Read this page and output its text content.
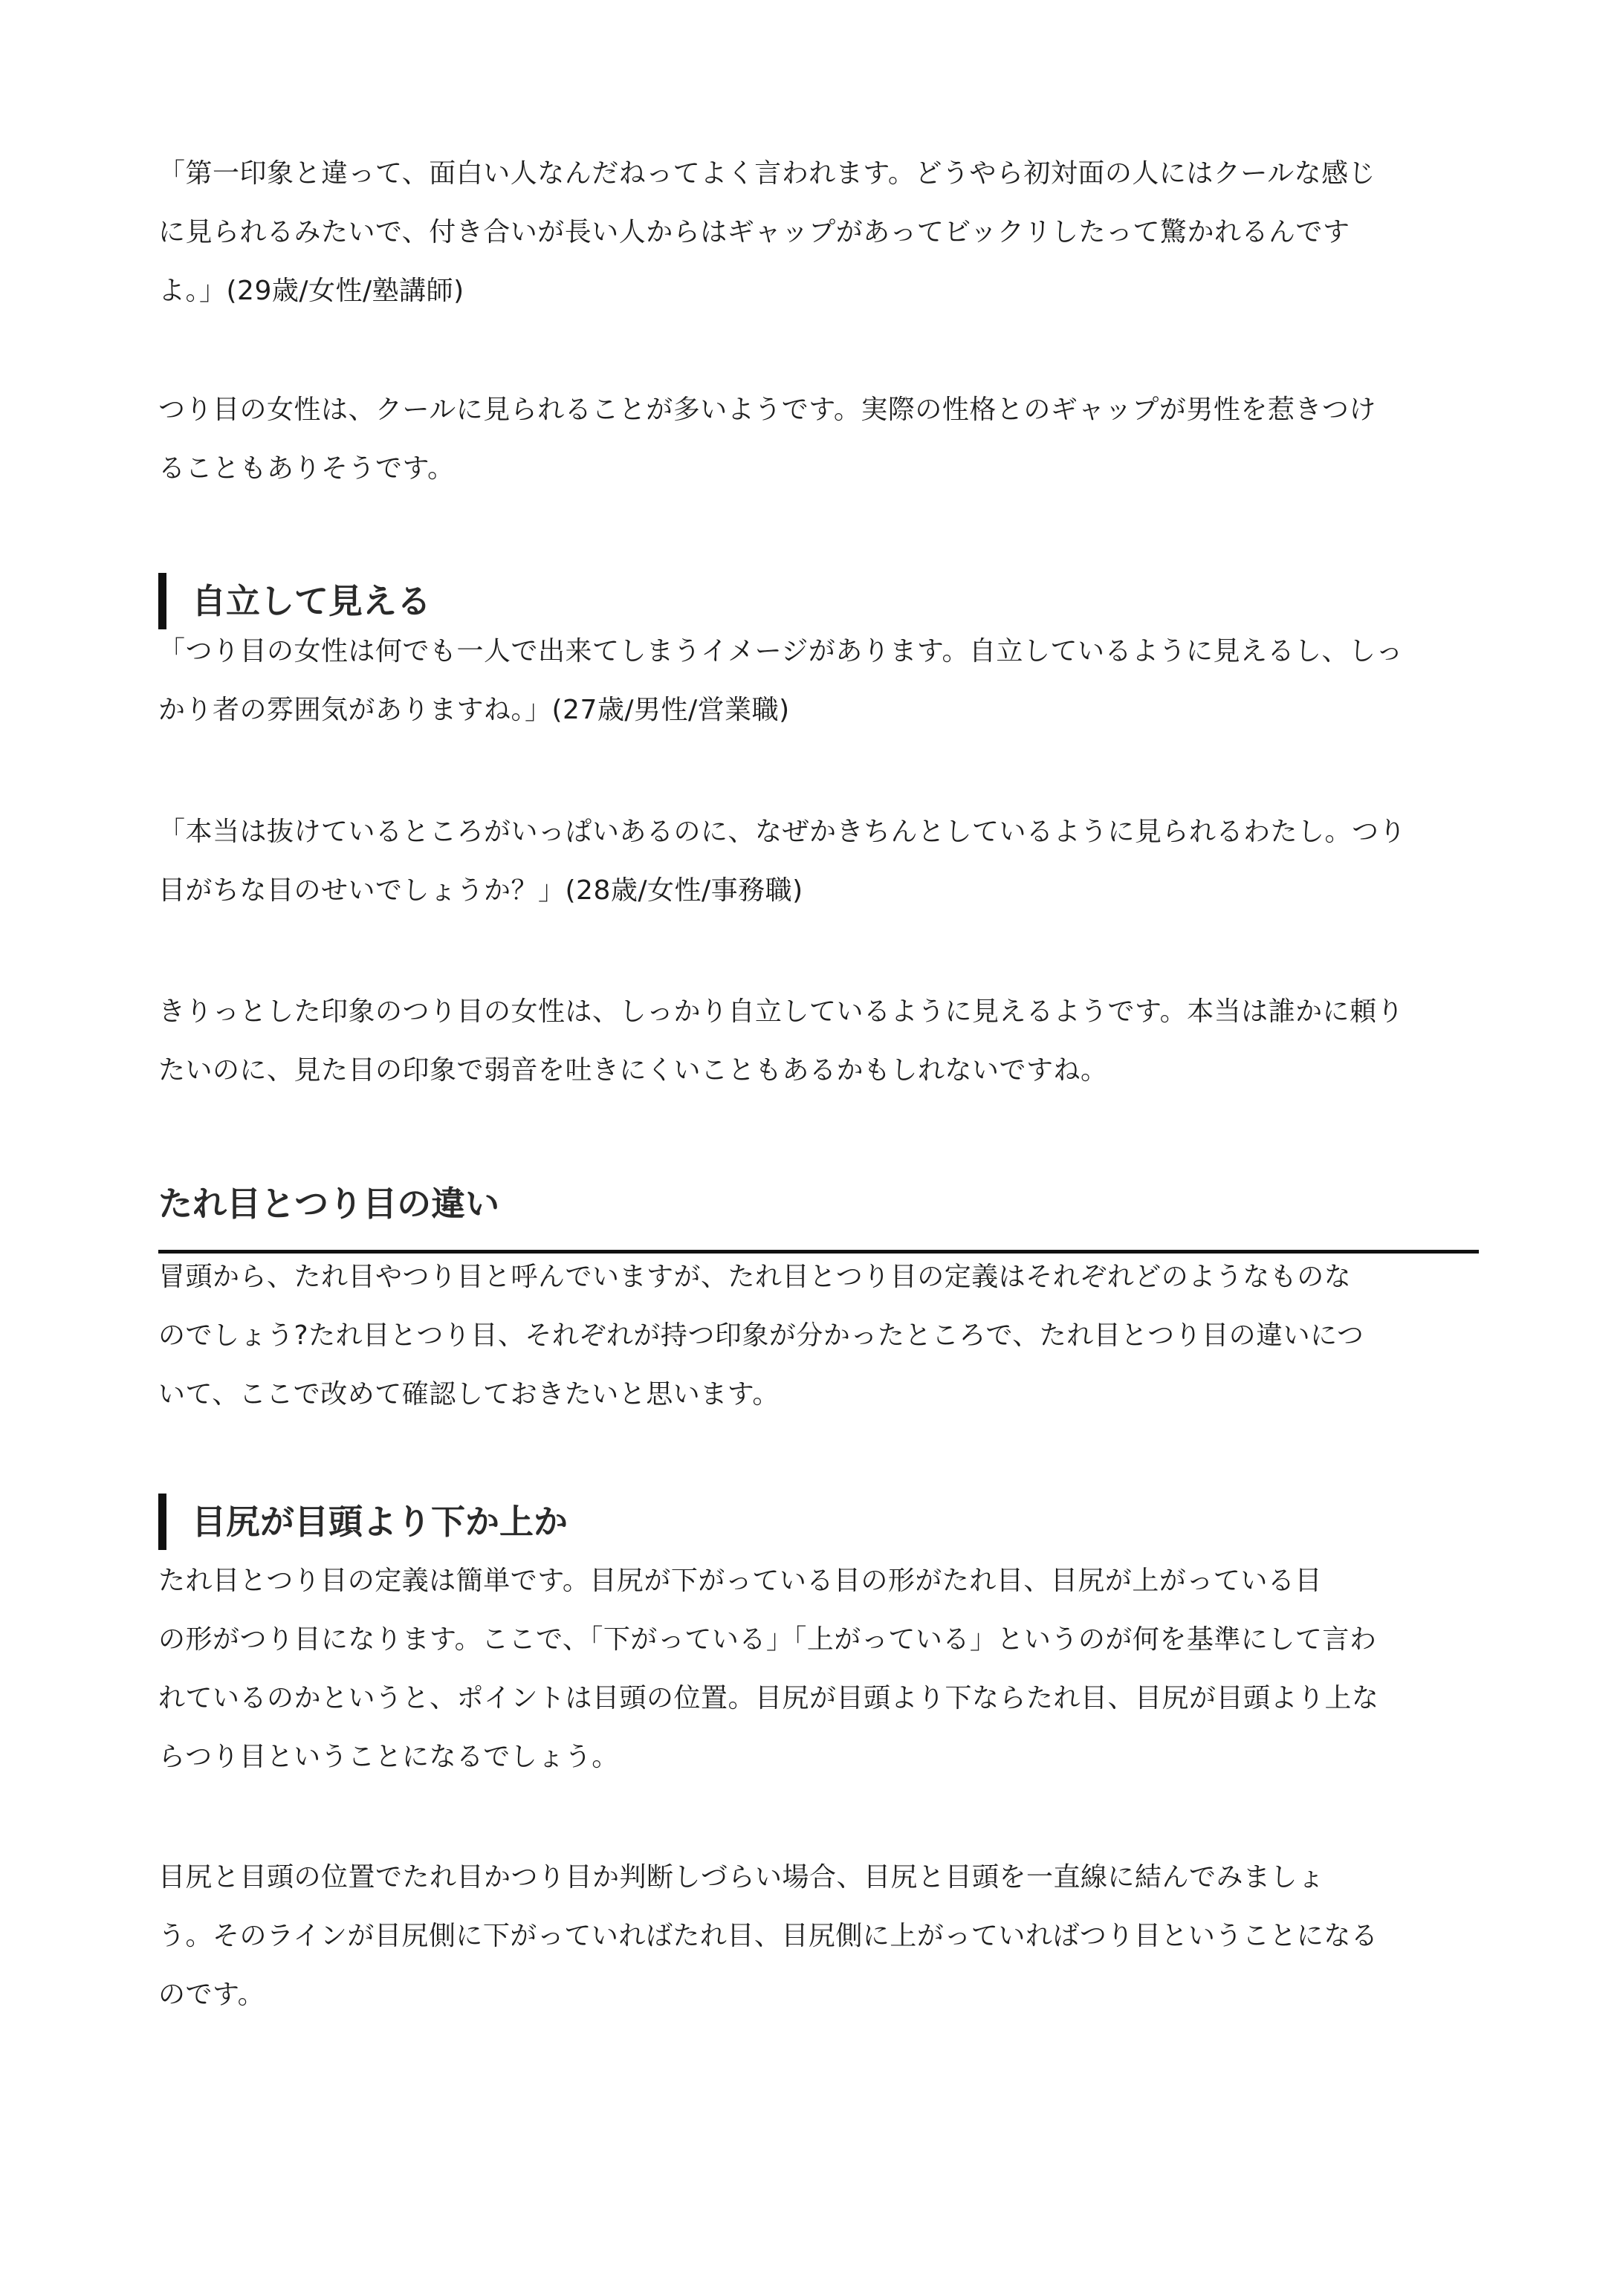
「第一印象と違って、面白い人なんだねってよく言われます。どうやら初対面の人にはクールな感じ
に見られるみたいで、付き合いが長い人からはギャップがあってビックリしたって驚かれるんです
よ。」(29歳/女性/塾講師)
つり目の女性は、クールに見られることが多いようです。実際の性格とのギャップが男性を惹きつけ
ることもありそうです。
自立して見える
「つり目の女性は何でも一人で出来てしまうイメージがあります。自立しているように見えるし、しっ
かり者の雰囲気がありますね。」(27歳/男性/営業職)
「本当は抜けているところがいっぱいあるのに、なぜかきちんとしているように見られるわたし。つり
目がちな目のせいでしょうか？」(28歳/女性/事務職)
きりっとした印象のつり目の女性は、しっかり自立しているように見えるようです。本当は誰かに頼り
たいのに、見た目の印象で弱音を吐きにくいこともあるかもしれないですね。
たれ目とつり目の違い
冒頭から、たれ目やつり目と呼んでいますが、たれ目とつり目の定義はそれぞれどのようなものな
のでしょう?たれ目とつり目、それぞれが持つ印象が分かったところで、たれ目とつり目の違いにつ
いて、ここで改めて確認しておきたいと思います。
目尻が目頭より下か上か
たれ目とつり目の定義は簡単です。目尻が下がっている目の形がたれ目、目尻が上がっている目
の形がつり目になります。ここで、「下がっている」「上がっている」というのが何を基準にして言わ
れているのかというと、ポイントは目頭の位置。目尻が目頭より下ならたれ目、目尻が目頭より上な
らつり目ということになるでしょう。
目尻と目頭の位置でたれ目かつり目か判断しづらい場合、目尻と目頭を一直線に結んでみましょ
う。そのラインが目尻側に下がっていればたれ目、目尻側に上がっていればつり目ということになる
のです。
